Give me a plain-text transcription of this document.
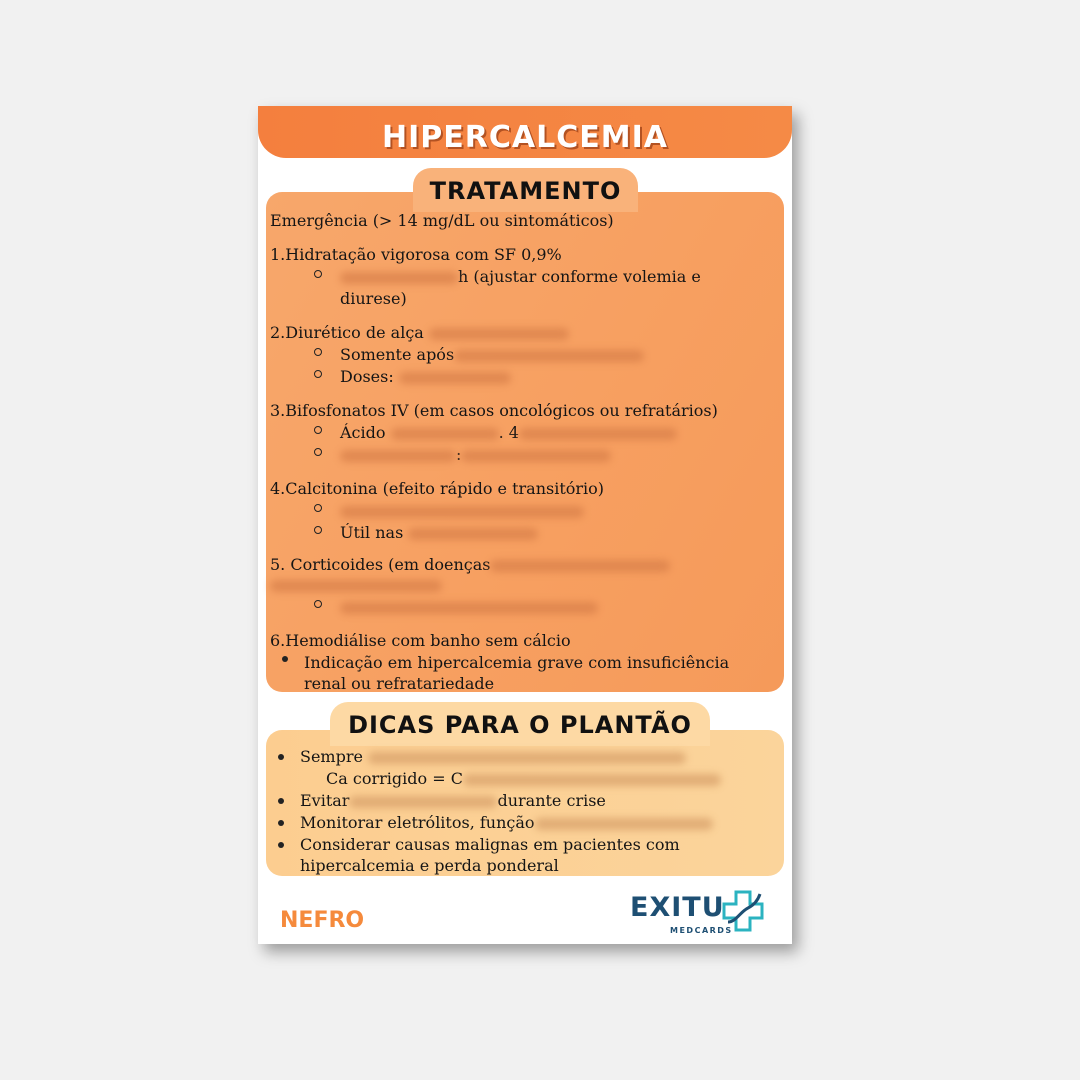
HIPERCALCEMIA
TRATAMENTO
Emergência (> 14 mg/dL ou sintomáticos)
1.Hidratação vigorosa com SF 0,9%
h (ajustar conforme volemia e
diurese)
2.Diurético de alça
Somente após
Doses:
3.Bifosfonatos IV (em casos oncológicos ou refratários)
Ácido	. 4
:
4.Calcitonina (efeito rápido e transitório)
Útil nas
5. Corticoides (em doenças
6.Hemodiálise com banho sem cálcio
Indicação em hipercalcemia grave com insuficiência
renal ou refratariedade
DICAS PARA O PLANTÃO
Sempre
Ca corrigido = C
Evitar	durante crise
Monitorar eletrólitos, função
Considerar causas malignas em pacientes com
hipercalcemia e perda ponderal
NEFRO	EXITU
MEDCARDS
